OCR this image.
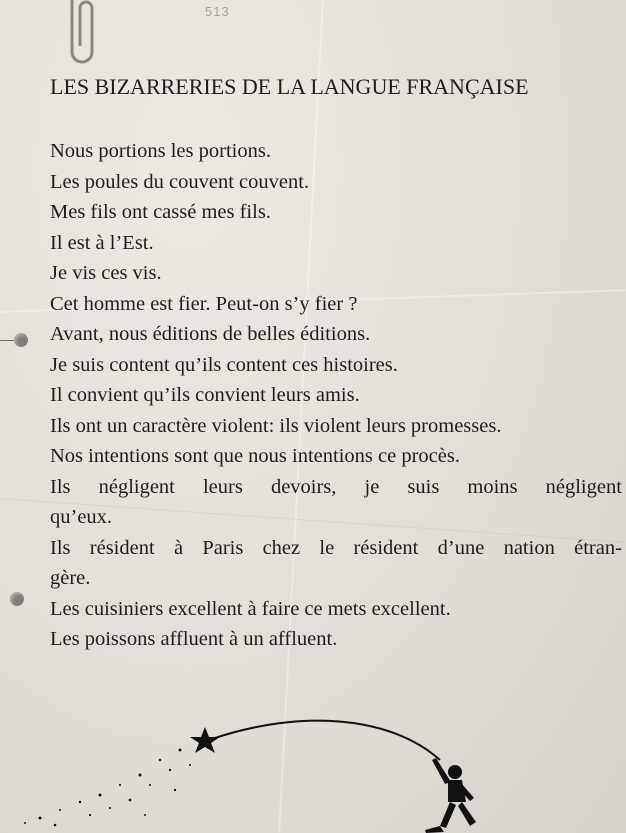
513
LES BIZARRERIES DE LA LANGUE FRANÇAISE
Nous portions les portions.
Les poules du couvent couvent.
Mes fils ont cassé mes fils.
Il est à l’Est.
Je vis ces vis.
Cet homme est fier. Peut-on s’y fier ?
Avant, nous éditions de belles éditions.
Je suis content qu’ils content ces histoires.
Il convient qu’ils convient leurs amis.
Ils ont un caractère violent: ils violent leurs promesses.
Nos intentions sont que nous intentions ce procès.
Ils négligent leurs devoirs, je suis moins négligent
qu’eux.
Ils résident à Paris chez le résident d’une nation étran-
gère.
Les cuisiniers excellent à faire ce mets excellent.
Les poissons affluent à un affluent.
